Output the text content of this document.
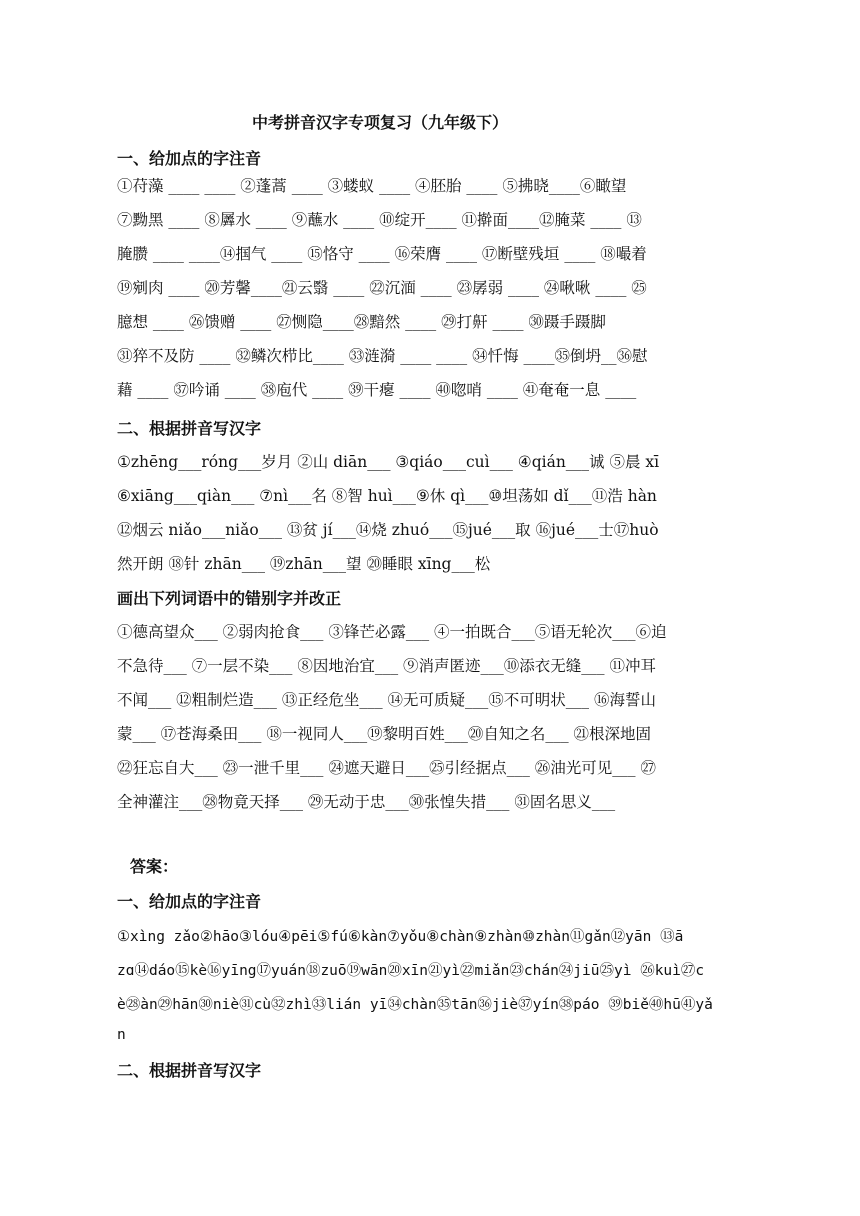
中考拼音汉字专项复习（九年级下）
一、给加点的字注音
①苻藻 ____ ____ ②蓬蒿 ____ ③蝼蚁 ____ ④胚胎 ____ ⑤拂晓____⑥瞰望
⑦黝黑 ____ ⑧羼水 ____ ⑨蘸水 ____ ⑩绽开____ ⑪擀面____⑫腌菜 ____ ⑬
腌臜 ____ ____⑭掴气 ____ ⑮恪守 ____ ⑯荣膺 ____ ⑰断壁残垣 ____ ⑱嘬着
⑲剜肉 ____ ⑳芳馨____㉑云翳 ____ ㉒沉湎 ____ ㉓孱弱 ____ ㉔啾啾 ____ ㉕
臆想 ____ ㉖馈赠 ____ ㉗恻隐____㉘黯然 ____ ㉙打鼾 ____ ㉚蹑手蹑脚
㉛猝不及防 ____ ㉜鳞次栉比____ ㉝涟漪 ____ ____ ㉞忏悔 ____㉟倒坍__㊱慰
藉 ____ ㊲吟诵 ____ ㊳庖代 ____ ㊴干瘪 ____ ㊵唿哨 ____ ㊶奄奄一息 ____
二、根据拼音写汉字
①zhēng___róng___岁月 ②山 diān___ ③qiáo___cuì___ ④qián___诚 ⑤晨 xī
⑥xiāng___qiàn___ ⑦nì___名 ⑧智 huì___⑨休 qì___⑩坦荡如 dǐ___⑪浩 hàn
⑫烟云 niǎo___niǎo___ ⑬贫 jí___⑭烧 zhuó___⑮jué___取 ⑯jué___士⑰huò
然开朗 ⑱针 zhān___ ⑲zhān___望 ⑳睡眼 xīng___松
画出下列词语中的错别字并改正
①德高望众___ ②弱肉抢食___ ③锋芒必露___ ④一拍既合___⑤语无轮次___⑥迫
不急待___ ⑦一层不染___ ⑧因地治宜___ ⑨消声匿迹___⑩添衣无缝___ ⑪冲耳
不闻___ ⑫粗制烂造___ ⑬正经危坐___ ⑭无可质疑___⑮不可明状___ ⑯海誓山
蒙___ ⑰苍海桑田___ ⑱一视同人___⑲黎明百姓___⑳自知之名___ ㉑根深地固
㉒狂忘自大___ ㉓一泄千里___ ㉔遮天避日___㉕引经据点___ ㉖油光可见___ ㉗
全神灌注___㉘物竟天择___ ㉙无动于忠___㉚张惶失措___ ㉛固名思义___
答案：
一、给加点的字注音
①xìng zǎo②hāo③lóu④pēi⑤fú⑥kàn⑦yǒu⑧chàn⑨zhàn⑩zhàn⑪gǎn⑫yān ⑬ā
zɑ⑭dáo⑮kè⑯yīng⑰yuán⑱zuō⑲wān⑳xīn㉑yì㉒miǎn㉓chán㉔jiū㉕yì ㉖kuì㉗c
è㉘àn㉙hān㉚niè㉛cù㉜zhì㉝lián yī㉞chàn㉟tān㊱jiè㊲yín㊳páo ㊴biě㊵hū㊶yǎ
n
二、根据拼音写汉字
